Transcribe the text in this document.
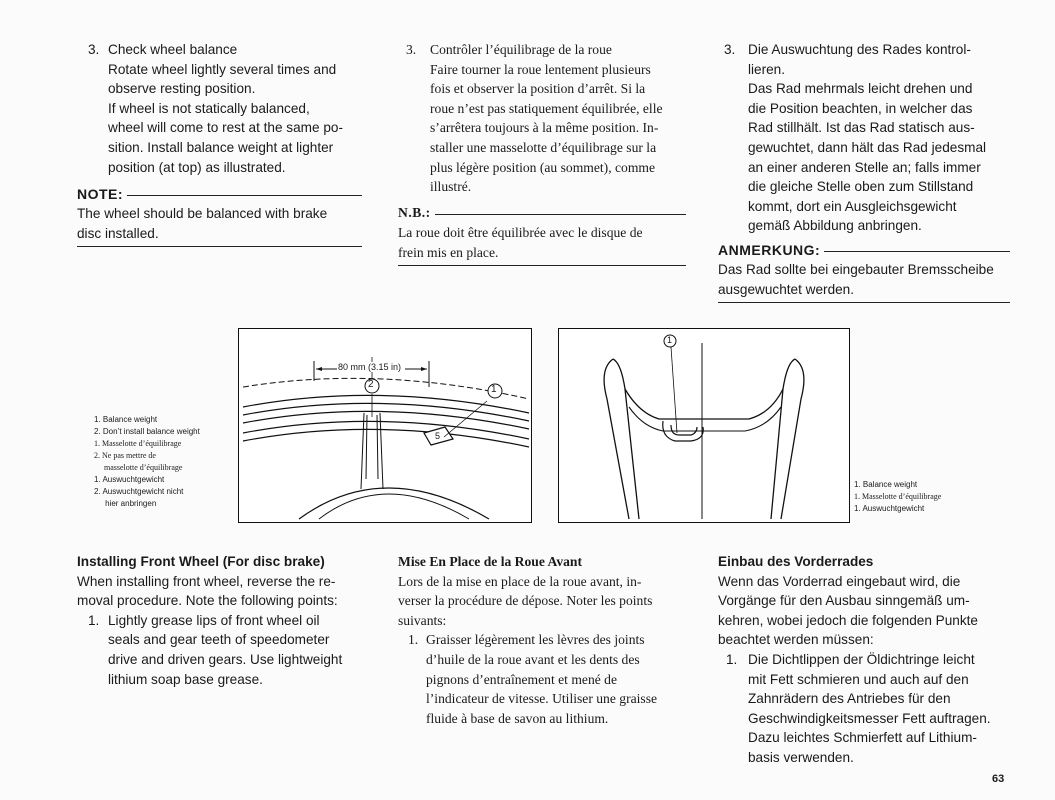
3. Check wheel balance
Rotate wheel lightly several times and
observe resting position.
If wheel is not statically balanced,
wheel will come to rest at the same po-
sition. Install balance weight at lighter
position (at top) as illustrated.
NOTE:
The wheel should be balanced with brake
disc installed.
3.	Contrôler l’équilibrage de la roue
Faire tourner la roue lentement plusieurs
fois et observer la position d’arrêt. Si la
roue n’est pas statiquement équilibrée, elle
s’arrêtera toujours à la même position. In-
staller une masselotte d’équilibrage sur la
plus légère position (au sommet), comme
illustré.
N.B.:
La roue doit être équilibrée avec le disque de
frein mis en place.
3. Die Auswuchtung des Rades kontrol-
lieren.
Das Rad mehrmals leicht drehen und
die Position beachten, in welcher das
Rad stillhält. Ist das Rad statisch aus-
gewuchtet, dann hält das Rad jedesmal
an einer anderen Stelle an; falls immer
die gleiche Stelle oben zum Stillstand
kommt, dort ein Ausgleichsgewicht
gemäß Abbildung anbringen.
ANMERKUNG:
Das Rad sollte bei eingebauter Bremsscheibe
ausgewuchtet werden.
1. Balance weight
2. Don’t install balance weight
1. Masselotte d’équilibrage
2. Ne pas mettre de
masselotte d’équilibrage
1. Auswuchtgewicht
2. Auswuchtgewicht nicht
hier anbringen
80 mm (3.15 in)
1
2
5
1
1. Balance weight
1. Masselotte d’équilibrage
1. Auswuchtgewicht
Installing Front Wheel (For disc brake)
When installing front wheel, reverse the re-
moval procedure. Note the following points:
1. Lightly grease lips of front wheel oil
seals and gear teeth of speedometer
drive and driven gears. Use lightweight
lithium soap base grease.
Mise En Place de la Roue Avant
Lors de la mise en place de la roue avant, in-
verser la procédure de dépose. Noter les points
suivants:
1. Graisser légèrement les lèvres des joints
d’huile de la roue avant et les dents des
pignons d’entraînement et mené de
l’indicateur de vitesse. Utiliser une graisse
fluide à base de savon au lithium.
Einbau des Vorderrades
Wenn das Vorderrad eingebaut wird, die
Vorgänge für den Ausbau sinngemäß um-
kehren, wobei jedoch die folgenden Punkte
beachtet werden müssen:
1. Die Dichtlippen der Öldichtringe leicht
mit Fett schmieren und auch auf den
Zahnrädern des Antriebes für den
Geschwindigkeitsmesser Fett auftragen.
Dazu leichtes Schmierfett auf Lithium-
basis verwenden.
63
